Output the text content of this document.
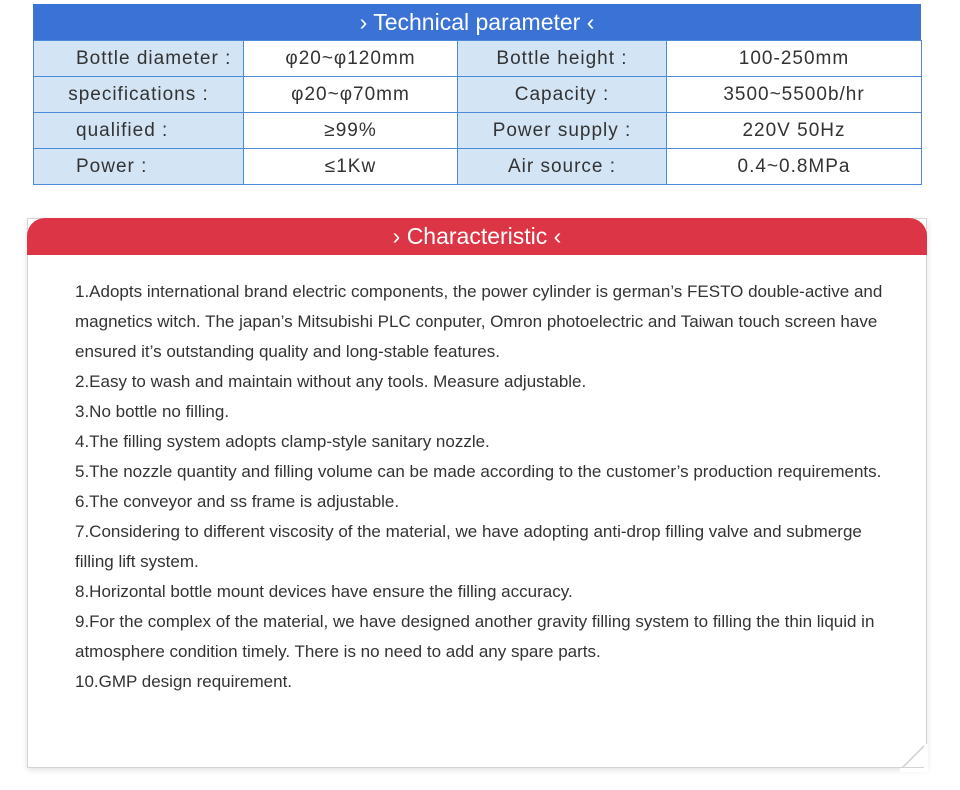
› Technical parameter ‹
Bottle diameter :	φ20~φ120mm	Bottle height :	100-250mm
specifications :	φ20~φ70mm	Capacity :	3500~5500b/hr
qualified :	≥99%	Power supply :	220V 50Hz
Power :	≤1Kw	Air source :	0.4~0.8MPa
› Characteristic ‹
1.Adopts international brand electric components, the power cylinder is german’s FESTO double-active and magnetics witch. The japan’s Mitsubishi PLC conputer, Omron photoelectric and Taiwan touch screen have ensured it’s outstanding quality and long-stable features.
2.Easy to wash and maintain without any tools. Measure adjustable.
3.No bottle no filling.
4.The filling system adopts clamp-style sanitary nozzle.
5.The nozzle quantity and filling volume can be made according to the customer’s production requirements.
6.The conveyor and ss frame is adjustable.
7.Considering to different viscosity of the material, we have adopting anti-drop filling valve and submerge filling lift system.
8.Horizontal bottle mount devices have ensure the filling accuracy.
9.For the complex of the material, we have designed another gravity filling system to filling the thin liquid in atmosphere condition timely. There is no need to add any spare parts.
10.GMP design requirement.
